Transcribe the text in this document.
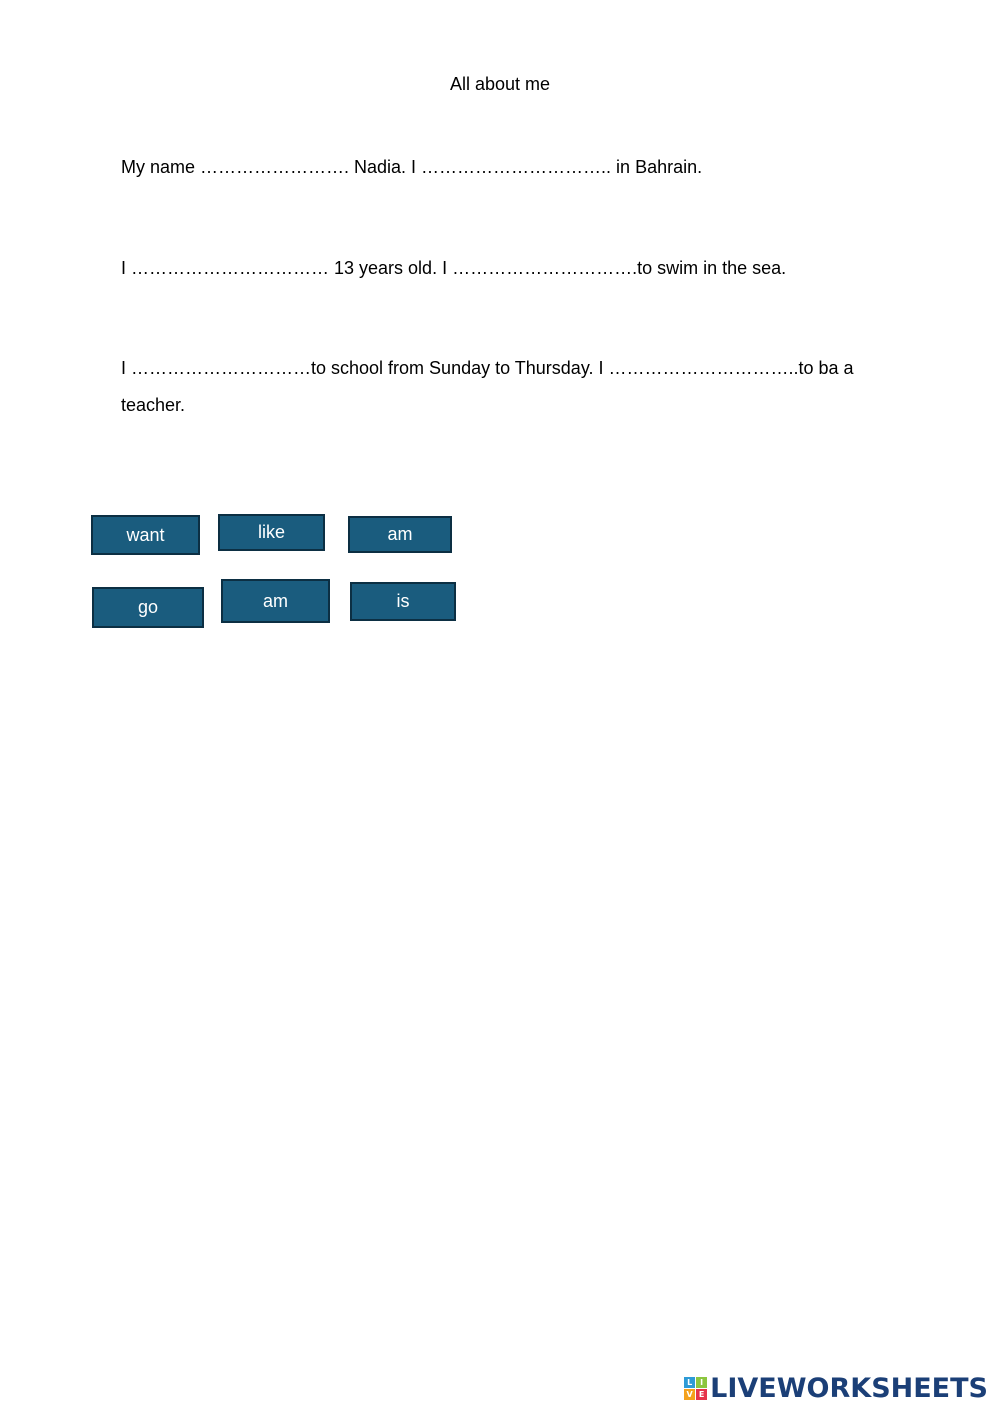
All about me
My name ……………………. Nadia. I ………………………….. in Bahrain.
I …………………………… 13 years old. I ………………………….to swim in the sea.
I …………………………to school from Sunday to Thursday. I …………………………..to ba a teacher.
want	like	am
go	am	is
L I
V E LIVEWORKSHEETS
